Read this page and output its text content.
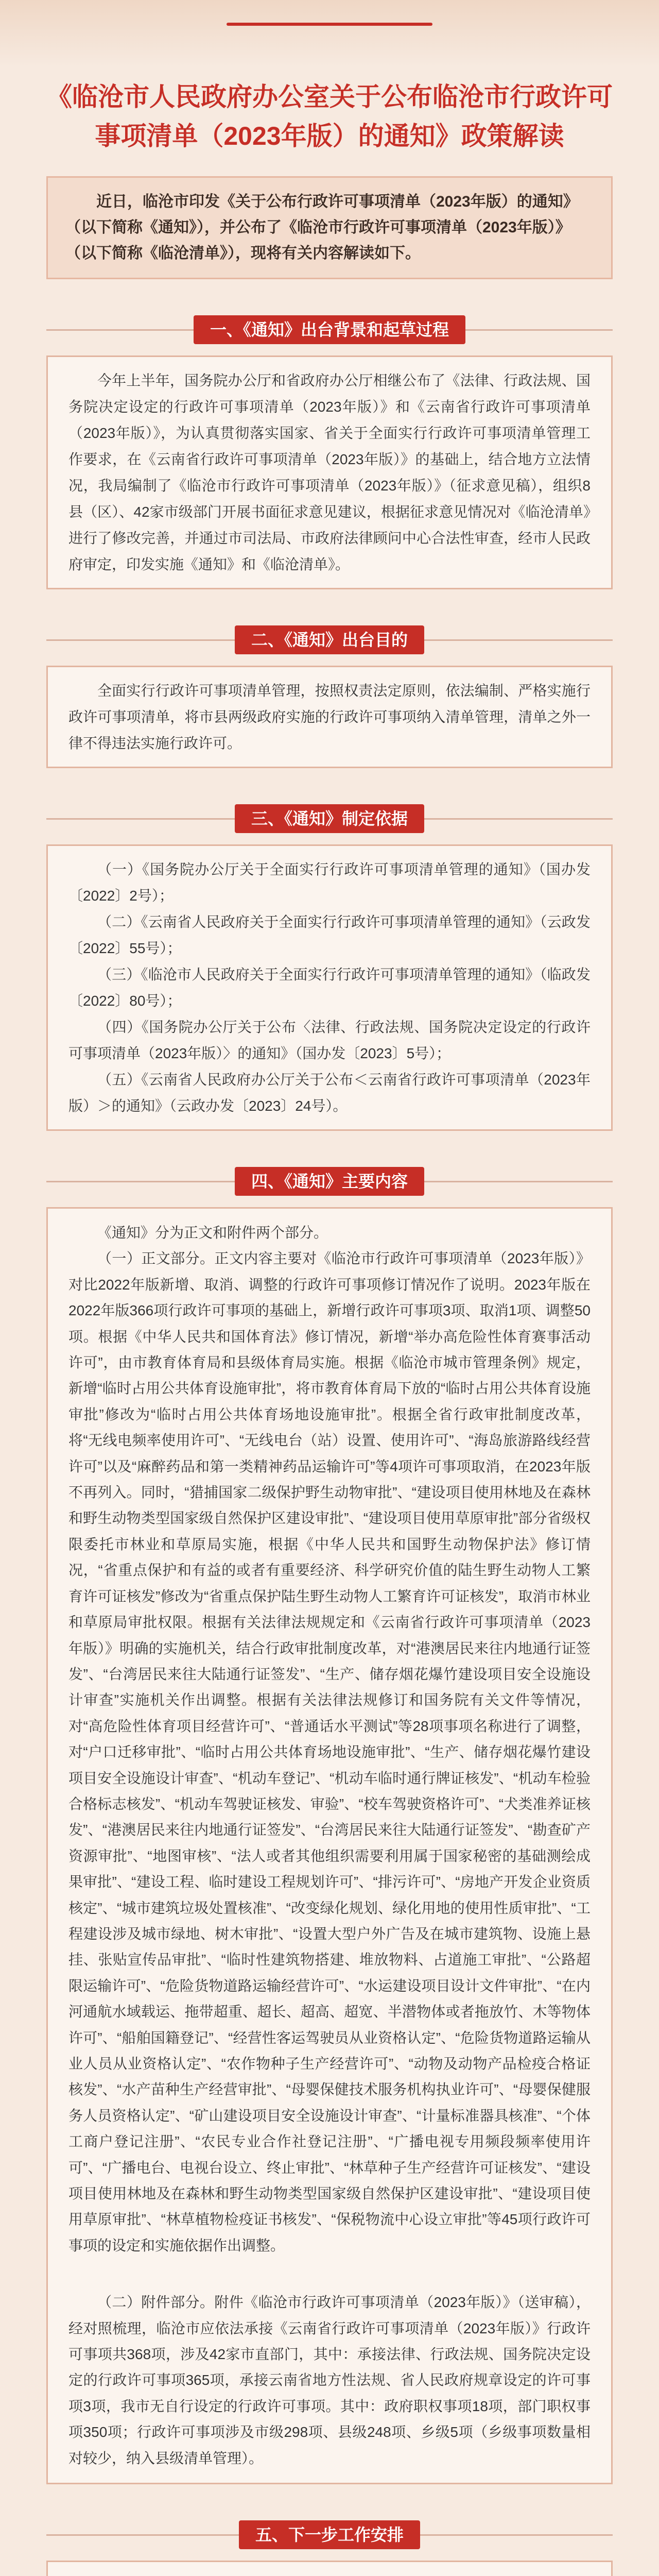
《临沧市人民政府办公室关于公布临沧市行政许可事项清单（2023年版）的通知》政策解读
近日，临沧市印发《关于公布行政许可事项清单（2023年版）的通知》（以下简称《通知》），并公布了《临沧市行政许可事项清单（2023年版）》（以下简称《临沧清单》），现将有关内容解读如下。
一、《通知》出台背景和起草过程

今年上半年，国务院办公厅和省政府办公厅相继公布了《法律、行政法规、国务院决定设定的行政许可事项清单（2023年版）》和《云南省行政许可事项清单（2023年版）》，为认真贯彻落实国家、省关于全面实行行政许可事项清单管理工作要求，在《云南省行政许可事项清单（2023年版）》的基础上，结合地方立法情况，我局编制了《临沧市行政许可事项清单（2023年版）》（征求意见稿），组织8县（区）、42家市级部门开展书面征求意见建议，根据征求意见情况对《临沧清单》进行了修改完善，并通过市司法局、市政府法律顾问中心合法性审查，经市人民政府审定，印发实施《通知》和《临沧清单》。

二、《通知》出台目的

全面实行行政许可事项清单管理，按照权责法定原则，依法编制、严格实施行政许可事项清单，将市县两级政府实施的行政许可事项纳入清单管理，清单之外一律不得违法实施行政许可。

三、《通知》制定依据

（一）《国务院办公厅关于全面实行行政许可事项清单管理的通知》（国办发〔2022〕2号）；

（二）《云南省人民政府关于全面实行行政许可事项清单管理的通知》（云政发〔2022〕55号）；

（三）《临沧市人民政府关于全面实行行政许可事项清单管理的通知》（临政发〔2022〕80号）；

（四）《国务院办公厅关于公布〈法律、行政法规、国务院决定设定的行政许可事项清单（2023年版）〉的通知》（国办发〔2023〕5号）；

（五）《云南省人民政府办公厅关于公布＜云南省行政许可事项清单（2023年版）＞的通知》（云政办发〔2023〕24号）。

四、《通知》主要内容

《通知》分为正文和附件两个部分。

（一）正文部分。正文内容主要对《临沧市行政许可事项清单（2023年版）》对比2022年版新增、取消、调整的行政许可事项修订情况作了说明。2023年版在2022年版366项行政许可事项的基础上，新增行政许可事项3项、取消1项、调整50项。根据《中华人民共和国体育法》修订情况，新增“举办高危险性体育赛事活动许可”，由市教育体育局和县级体育局实施。根据《临沧市城市管理条例》规定，新增“临时占用公共体育设施审批”，将市教育体育局下放的“临时占用公共体育设施审批”修改为“临时占用公共体育场地设施审批”。根据全省行政审批制度改革，将“无线电频率使用许可”、“无线电台（站）设置、使用许可”、“海岛旅游路线经营许可”以及“麻醉药品和第一类精神药品运输许可”等4项许可事项取消，在2023年版不再列入。同时，“猎捕国家二级保护野生动物审批”、“建设项目使用林地及在森林和野生动物类型国家级自然保护区建设审批”、“建设项目使用草原审批”部分省级权限委托市林业和草原局实施，根据《中华人民共和国野生动物保护法》修订情况，“省重点保护和有益的或者有重要经济、科学研究价值的陆生野生动物人工繁育许可证核发”修改为“省重点保护陆生野生动物人工繁育许可证核发”，取消市林业和草原局审批权限。根据有关法律法规规定和《云南省行政许可事项清单（2023年版）》明确的实施机关，结合行政审批制度改革，对“港澳居民来往内地通行证签发”、“台湾居民来往大陆通行证签发”、“生产、储存烟花爆竹建设项目安全设施设计审查”实施机关作出调整。根据有关法律法规修订和国务院有关文件等情况，对“高危险性体育项目经营许可”、“普通话水平测试”等28项事项名称进行了调整，对“户口迁移审批”、“临时占用公共体育场地设施审批”、“生产、储存烟花爆竹建设项目安全设施设计审查”、“机动车登记”、“机动车临时通行牌证核发”、“机动车检验合格标志核发”、“机动车驾驶证核发、审验”、“校车驾驶资格许可”、“犬类准养证核发”、“港澳居民来往内地通行证签发”、“台湾居民来往大陆通行证签发”、“勘查矿产资源审批”、“地图审核”、“法人或者其他组织需要利用属于国家秘密的基础测绘成果审批”、“建设工程、临时建设工程规划许可”、“排污许可”、“房地产开发企业资质核定”、“城市建筑垃圾处置核准”、“改变绿化规划、绿化用地的使用性质审批”、“工程建设涉及城市绿地、树木审批”、“设置大型户外广告及在城市建筑物、设施上悬挂、张贴宣传品审批”、“临时性建筑物搭建、堆放物料、占道施工审批”、“公路超限运输许可”、“危险货物道路运输经营许可”、“水运建设项目设计文件审批”、“在内河通航水域载运、拖带超重、超长、超高、超宽、半潜物体或者拖放竹、木等物体许可”、“船舶国籍登记”、“经营性客运驾驶员从业资格认定”、“危险货物道路运输从业人员从业资格认定”、“农作物种子生产经营许可”、“动物及动物产品检疫合格证核发”、“水产苗种生产经营审批”、“母婴保健技术服务机构执业许可”、“母婴保健服务人员资格认定”、“矿山建设项目安全设施设计审查”、“计量标准器具核准”、“个体工商户登记注册”、“农民专业合作社登记注册”、“广播电视专用频段频率使用许可”、“广播电台、电视台设立、终止审批”、“林草种子生产经营许可证核发”、“建设项目使用林地及在森林和野生动物类型国家级自然保护区建设审批”、“建设项目使用草原审批”、“林草植物检疫证书核发”、“保税物流中心设立审批”等45项行政许可事项的设定和实施依据作出调整。

（二）附件部分。附件《临沧市行政许可事项清单（2023年版）》（送审稿），经对照梳理，临沧市应依法承接《云南省行政许可事项清单（2023年版）》行政许可事项共368项，涉及42家市直部门，其中：承接法律、行政法规、国务院决定设定的行政许可事项365项，承接云南省地方性法规、省人民政府规章设定的许可事项3项，我市无自行设定的行政许可事项。其中：政府职权事项18项，部门职权事项350项；行政许可事项涉及市级298项、县级248项、乡级5项（乡级事项数量相对较少，纳入县级清单管理）。

五、下一步工作安排
